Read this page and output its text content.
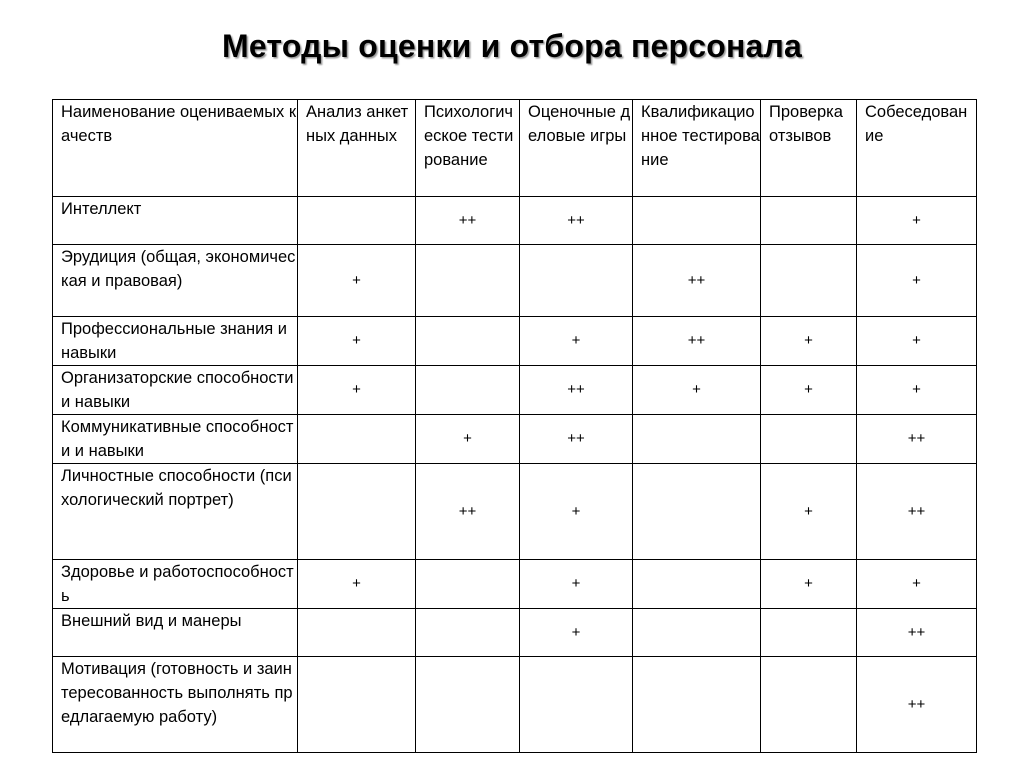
Методы оценки и отбора персонала
Наименование оцениваемых качеств	Анализ анкетных данных	Психологическое тестирование	Оценочные деловые игры	Квалификационное тестирование	Проверка отзывов	Собеседование
Интеллект		++	++			+
Эрудиция (общая, экономическая и правовая)	+			++		+
Профессиональные знания и навыки	+		+	++	+	+
Организаторские способности и навыки	+		++	+	+	+
Коммуникативные способности и навыки		+	++			++
Личностные способности (психологический портрет)		++	+		+	++
Здоровье и работоспособность	+		+		+	+
Внешний вид и манеры			+			++
Мотивация (готовность и заинтересованность выполнять предлагаемую работу)						++
